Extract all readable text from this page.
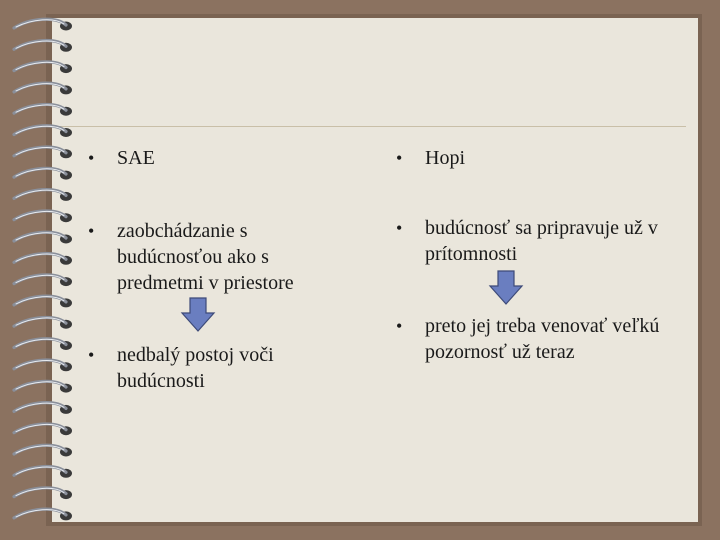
•	SAE
•	zaobchádzanie s budúcnosťou ako s predmetmi v priestore
•	nedbalý postoj voči budúcnosti
•	Hopi
•	budúcnosť sa pripravuje už v prítomnosti
•	preto jej treba venovať veľkú pozornosť už teraz
